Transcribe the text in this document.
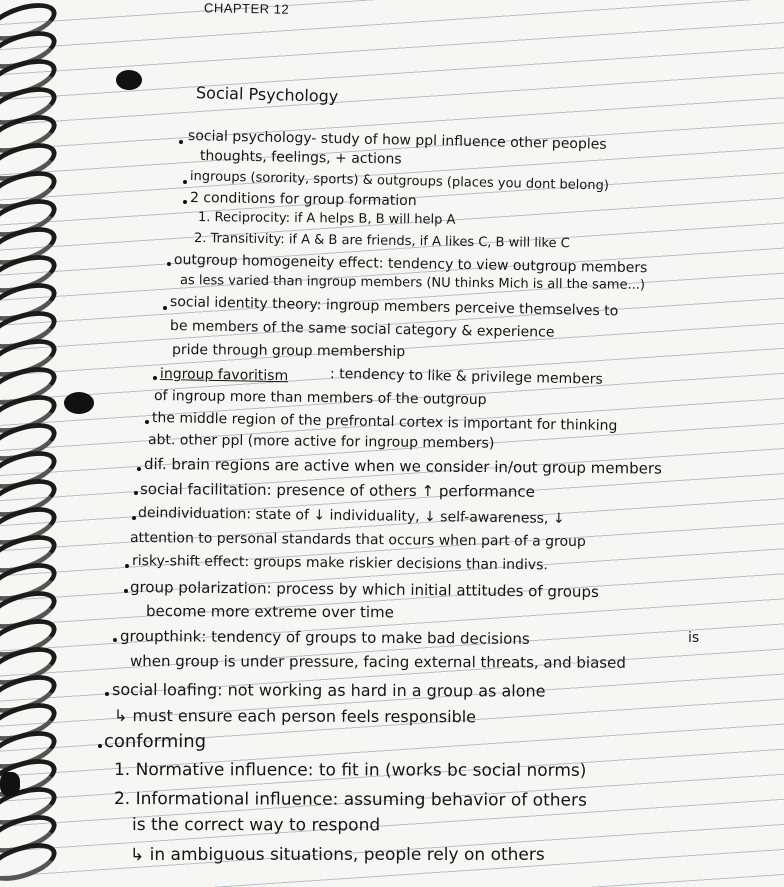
CHAPTER 12
Social Psychology
social psychology- study of how ppl influence other peoples
thoughts, feelings, + actions
ingroups (sorority, sports) & outgroups (places you dont belong)
2 conditions for group formation
1. Reciprocity: if A helps B, B will help A
2. Transitivity: if A & B are friends, if A likes C, B will like C
outgroup homogeneity effect: tendency to view outgroup members
as less varied than ingroup members (NU thinks Mich is all the same...)
social identity theory: ingroup members perceive themselves to
be members of the same social category & experience
pride through group membership
ingroup favoritism	: tendency to like & privilege members
of ingroup more than members of the outgroup
the middle region of the prefrontal cortex is important for thinking
abt. other ppl (more active for ingroup members)
dif. brain regions are active when we consider in/out group members
social facilitation: presence of others ↑ performance
deindividuation: state of ↓ individuality, ↓ self-awareness, ↓
attention to personal standards that occurs when part of a group
risky-shift effect: groups make riskier decisions than indivs.
group polarization: process by which initial attitudes of groups
become more extreme over time
groupthink: tendency of groups to make bad decisions	is
when group is under pressure, facing external threats, and biased
social loafing: not working as hard in a group as alone
↳ must ensure each person feels responsible
conforming
1. Normative influence: to fit in (works bc social norms)
2. Informational influence: assuming behavior of others
is the correct way to respond
↳ in ambiguous situations, people rely on others
